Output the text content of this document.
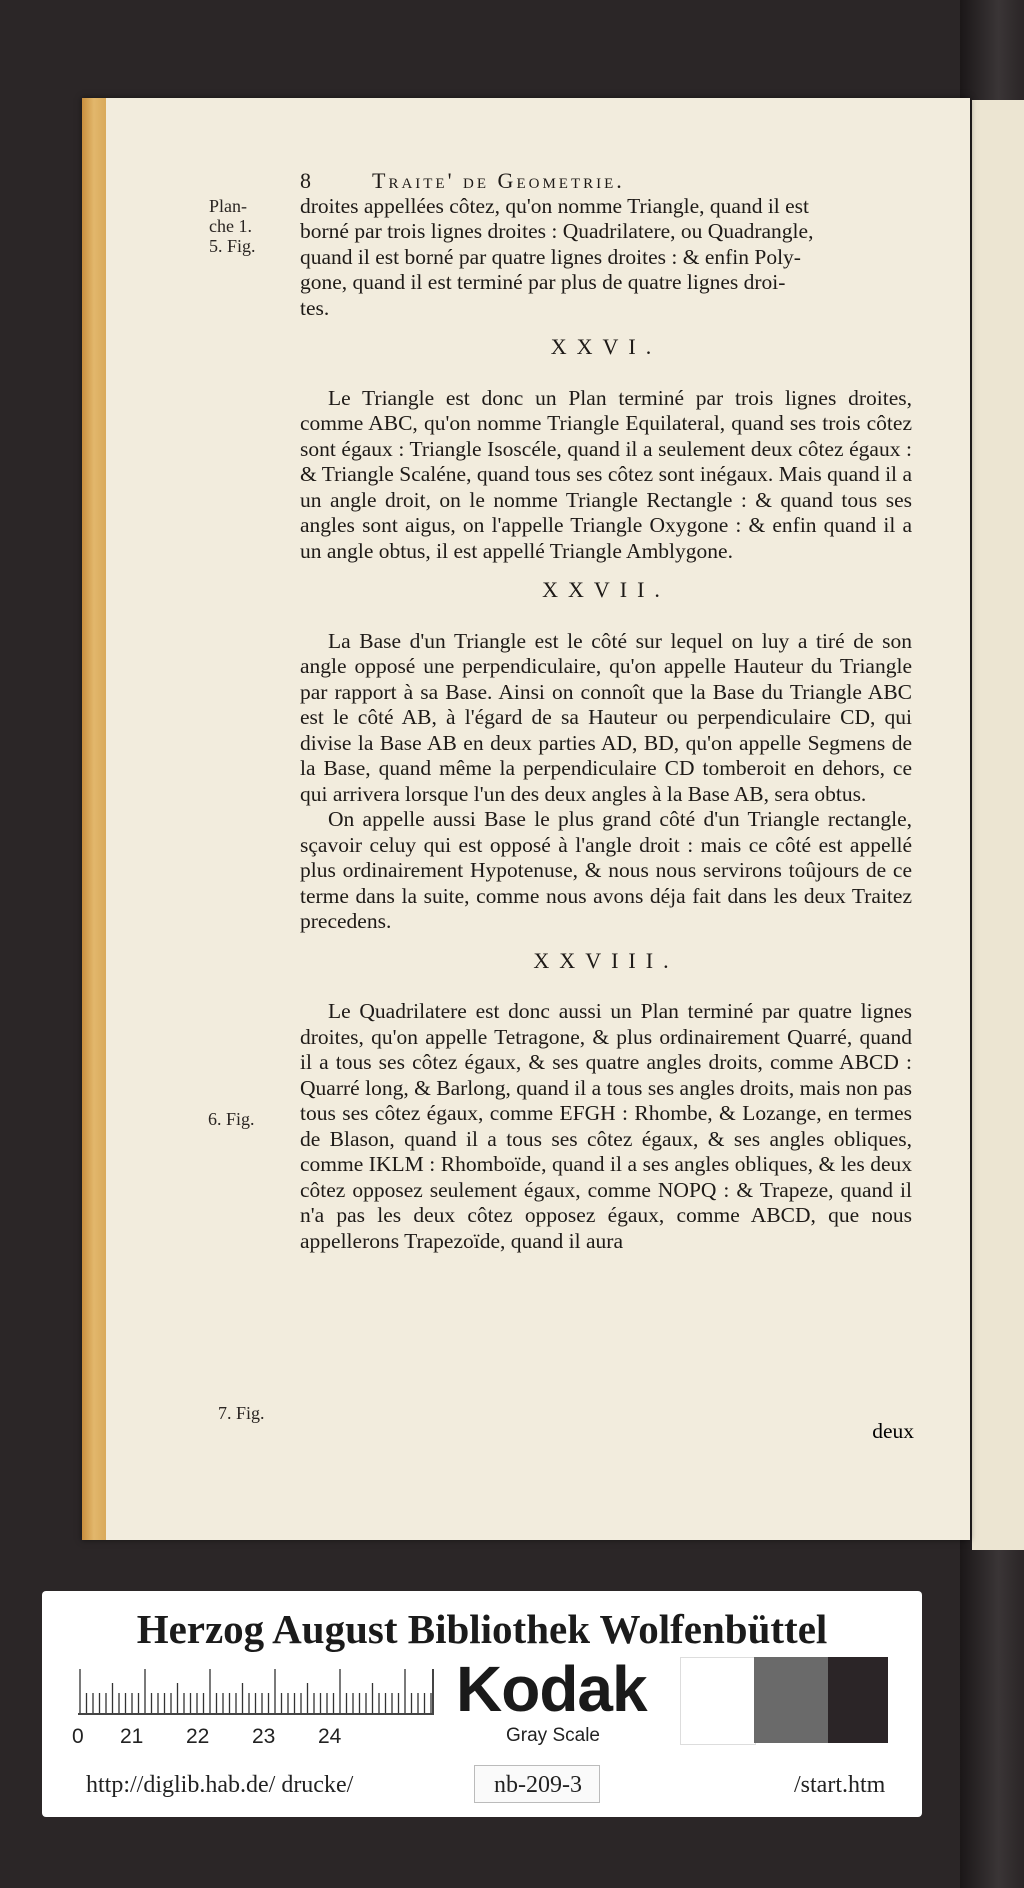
Plan-
che 1.
5. Fig.
6. Fig.
7. Fig.
8	Traite' de Geometrie.
droites appellées côtez, qu'on nomme Triangle, quand il est
borné par trois lignes droites : Quadrilatere, ou Quadrangle,
quand il est borné par quatre lignes droites : & enfin Poly-
gone, quand il est terminé par plus de quatre lignes droi-
tes.
XXVI.

Le Triangle est donc un Plan terminé par trois lignes droites, comme ABC, qu'on nomme Triangle Equilateral, quand ses trois côtez sont égaux : Triangle Isoscéle, quand il a seulement deux côtez égaux : & Triangle Scaléne, quand tous ses côtez sont inégaux. Mais quand il a un angle droit, on le nomme Triangle Rectangle : & quand tous ses angles sont aigus, on l'appelle Triangle Oxygone : & enfin quand il a un angle obtus, il est appellé Triangle Amblygone.

XXVII.

La Base d'un Triangle est le côté sur lequel on luy a tiré de son angle opposé une perpendiculaire, qu'on appelle Hauteur du Triangle par rapport à sa Base. Ainsi on connoît que la Base du Triangle ABC est le côté AB, à l'égard de sa Hauteur ou perpendiculaire CD, qui divise la Base AB en deux parties AD, BD, qu'on appelle Segmens de la Base, quand même la perpendiculaire CD tomberoit en dehors, ce qui arrivera lorsque l'un des deux angles à la Base AB, sera obtus.

On appelle aussi Base le plus grand côté d'un Triangle rectangle, sçavoir celuy qui est opposé à l'angle droit : mais ce côté est appellé plus ordinairement Hypotenuse, & nous nous servirons toûjours de ce terme dans la suite, comme nous avons déja fait dans les deux Traitez precedens.

XXVIII.

Le Quadrilatere est donc aussi un Plan terminé par quatre lignes droites, qu'on appelle Tetragone, & plus ordinairement Quarré, quand il a tous ses côtez égaux, & ses quatre angles droits, comme ABCD : Quarré long, & Barlong, quand il a tous ses angles droits, mais non pas tous ses côtez égaux, comme EFGH : Rhombe, & Lozange, en termes de Blason, quand il a tous ses côtez égaux, & ses angles obliques, comme IKLM : Rhomboïde, quand il a ses angles obliques, & les deux côtez opposez seulement égaux, comme NOPQ : & Trapeze, quand il n'a pas les deux côtez opposez égaux, comme ABCD, que nous appellerons Trapezoïde, quand il aura

deux
Herzog August Bibliothek Wolfenbüttel
0 21 22 23 24
Kodak
Gray Scale
http://diglib.hab.de/ drucke/	nb-209-3	/start.htm
